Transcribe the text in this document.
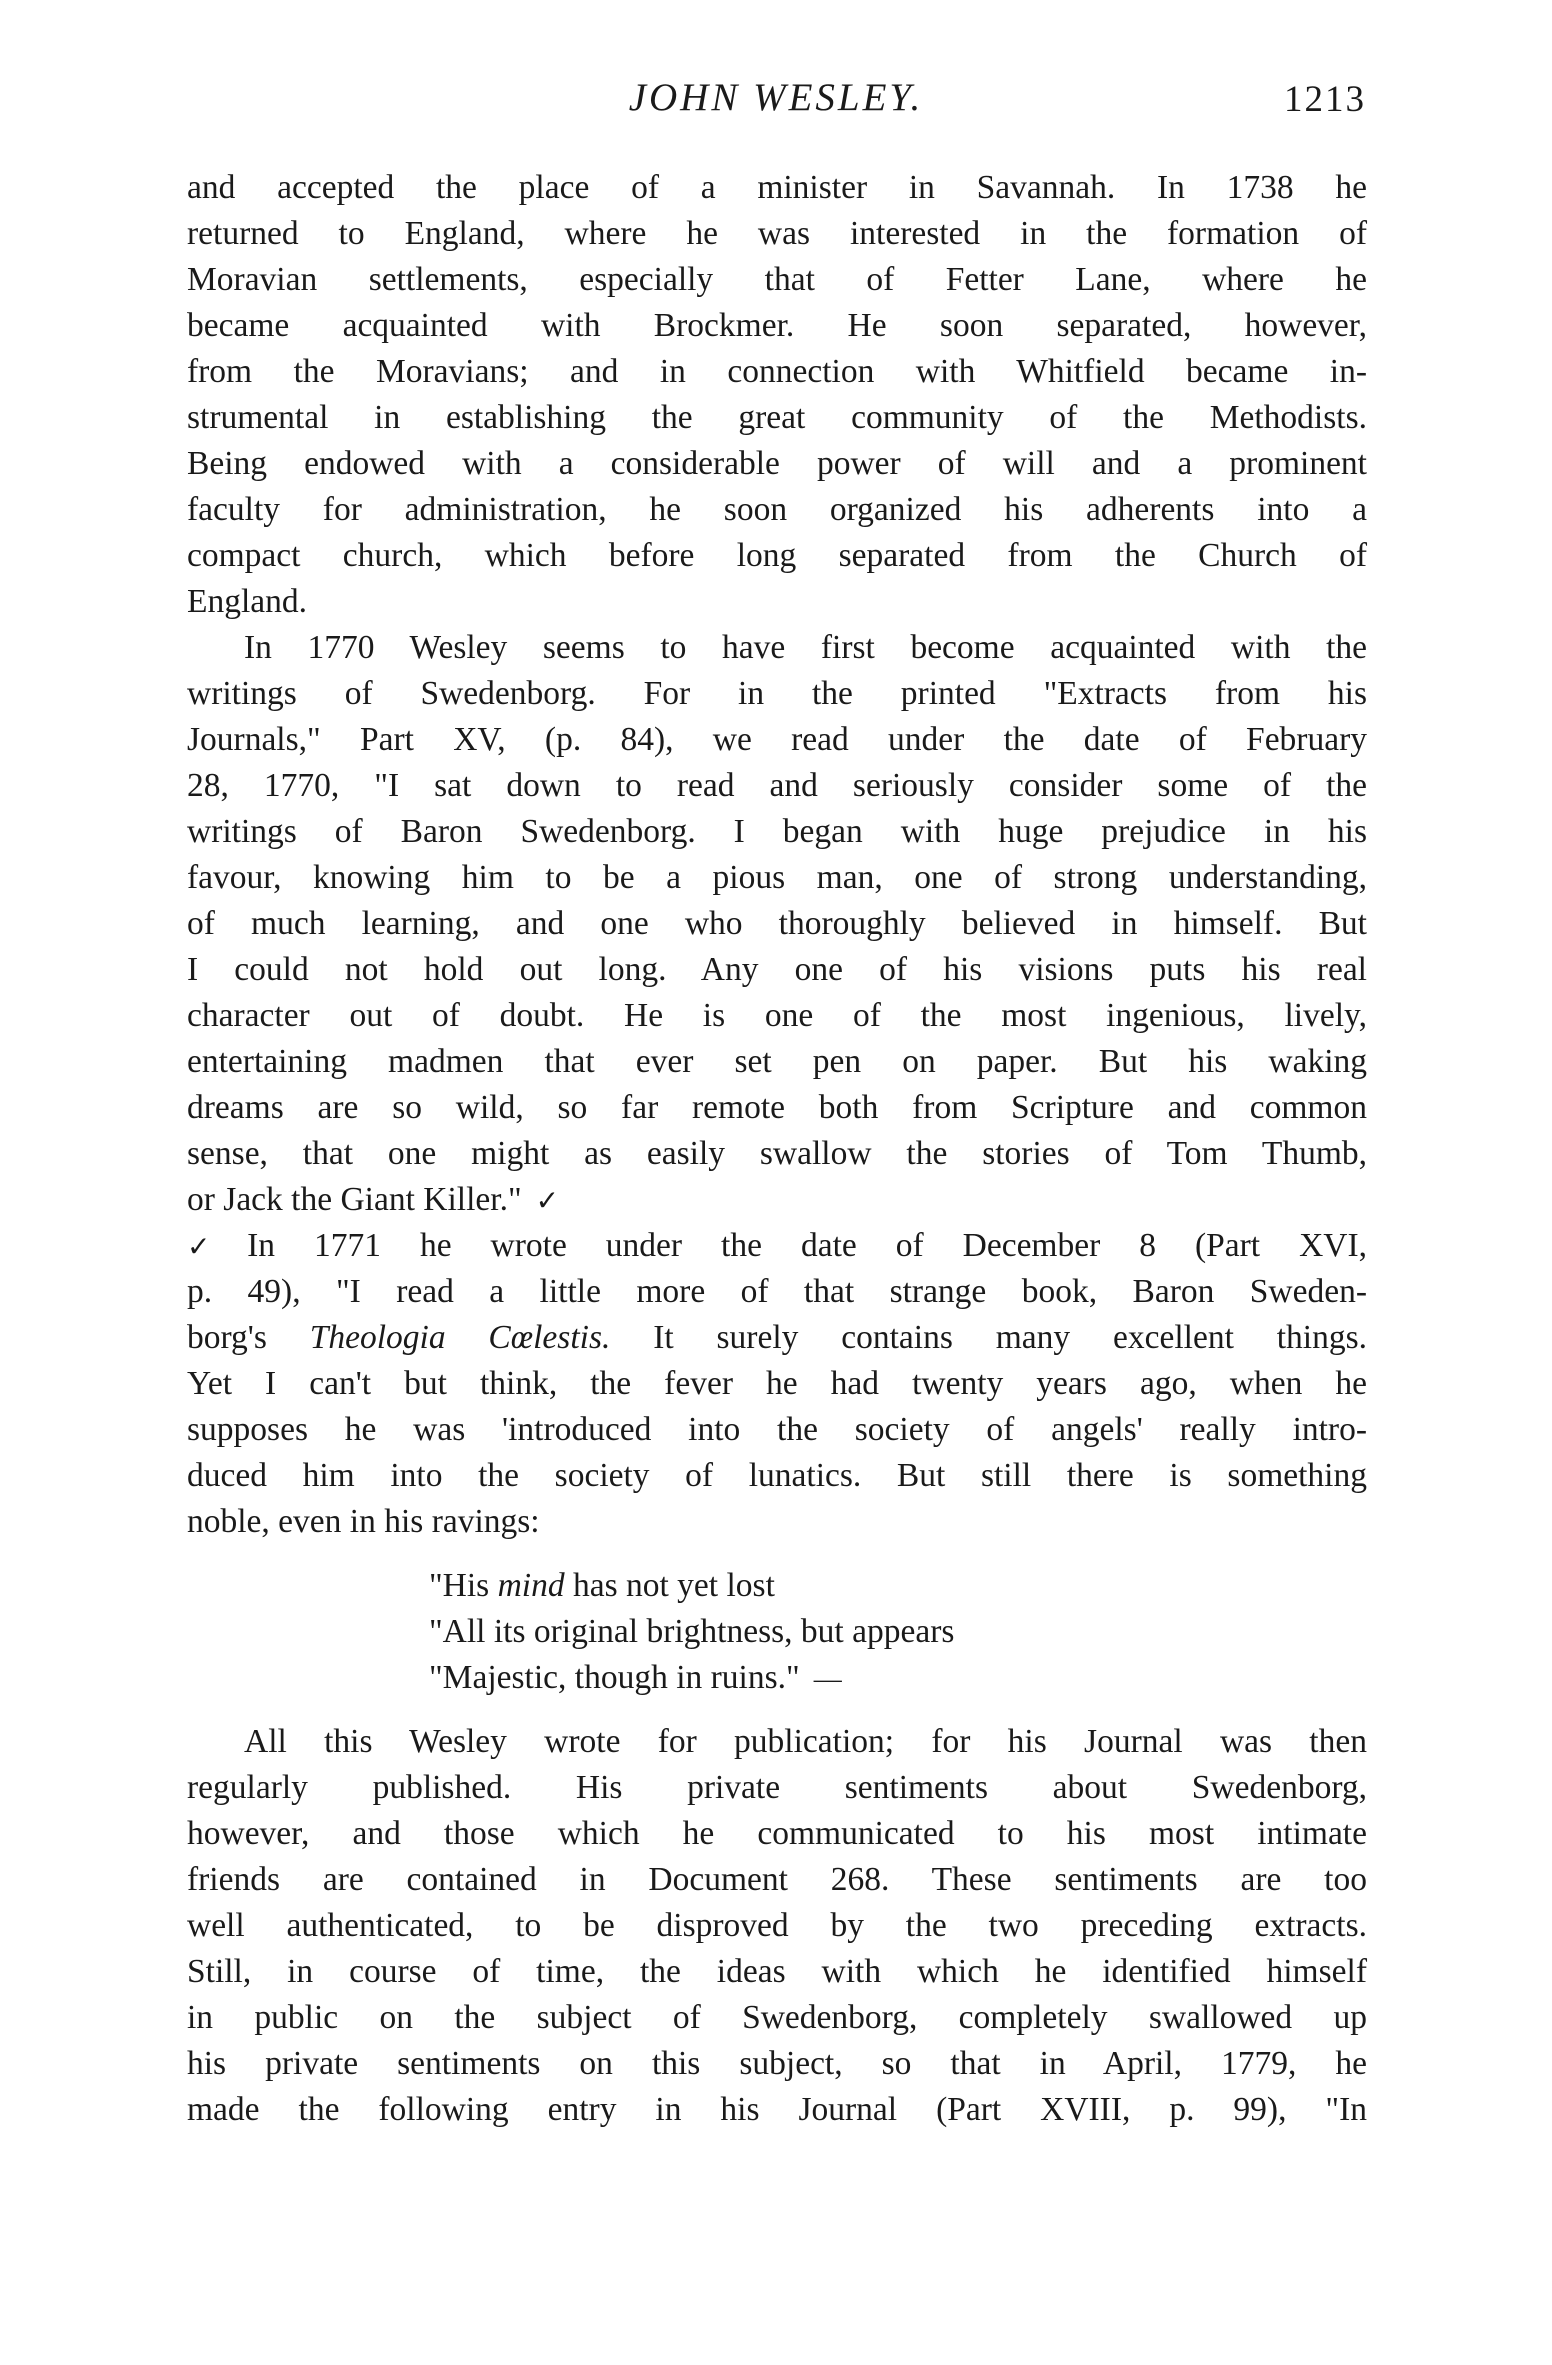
JOHN WESLEY.	1213
and accepted the place of a minister in Savannah. In 1738 he
returned to England, where he was interested in the formation of
Moravian settlements, especially that of Fetter Lane, where he
became acquainted with Brockmer. He soon separated, however,
from the Moravians; and in connection with Whitfield became in-
strumental in establishing the great community of the Methodists.
Being endowed with a considerable power of will and a prominent
faculty for administration, he soon organized his adherents into a
compact church, which before long separated from the Church of
England.
In 1770 Wesley seems to have first become acquainted with the
writings of Swedenborg. For in the printed "Extracts from his
Journals," Part XV, (p. 84), we read under the date of February
28, 1770, "I sat down to read and seriously consider some of the
writings of Baron Swedenborg. I began with huge prejudice in his
favour, knowing him to be a pious man, one of strong understanding,
of much learning, and one who thoroughly believed in himself. But
I could not hold out long. Any one of his visions puts his real
character out of doubt. He is one of the most ingenious, lively,
entertaining madmen that ever set pen on paper. But his waking
dreams are so wild, so far remote both from Scripture and common
sense, that one might as easily swallow the stories of Tom Thumb,
or Jack the Giant Killer." ✓
✓ In 1771 he wrote under the date of December 8 (Part XVI,
p. 49), "I read a little more of that strange book, Baron Sweden-
borg's Theologia Cœlestis. It surely contains many excellent things.
Yet I can't but think, the fever he had twenty years ago, when he
supposes he was 'introduced into the society of angels' really intro-
duced him into the society of lunatics. But still there is something
noble, even in his ravings:
"His mind has not yet lost
"All its original brightness, but appears
"Majestic, though in ruins." —
All this Wesley wrote for publication; for his Journal was then
regularly published. His private sentiments about Swedenborg,
however, and those which he communicated to his most intimate
friends are contained in Document 268. These sentiments are too
well authenticated, to be disproved by the two preceding extracts.
Still, in course of time, the ideas with which he identified himself
in public on the subject of Swedenborg, completely swallowed up
his private sentiments on this subject, so that in April, 1779, he
made the following entry in his Journal (Part XVIII, p. 99), "In
